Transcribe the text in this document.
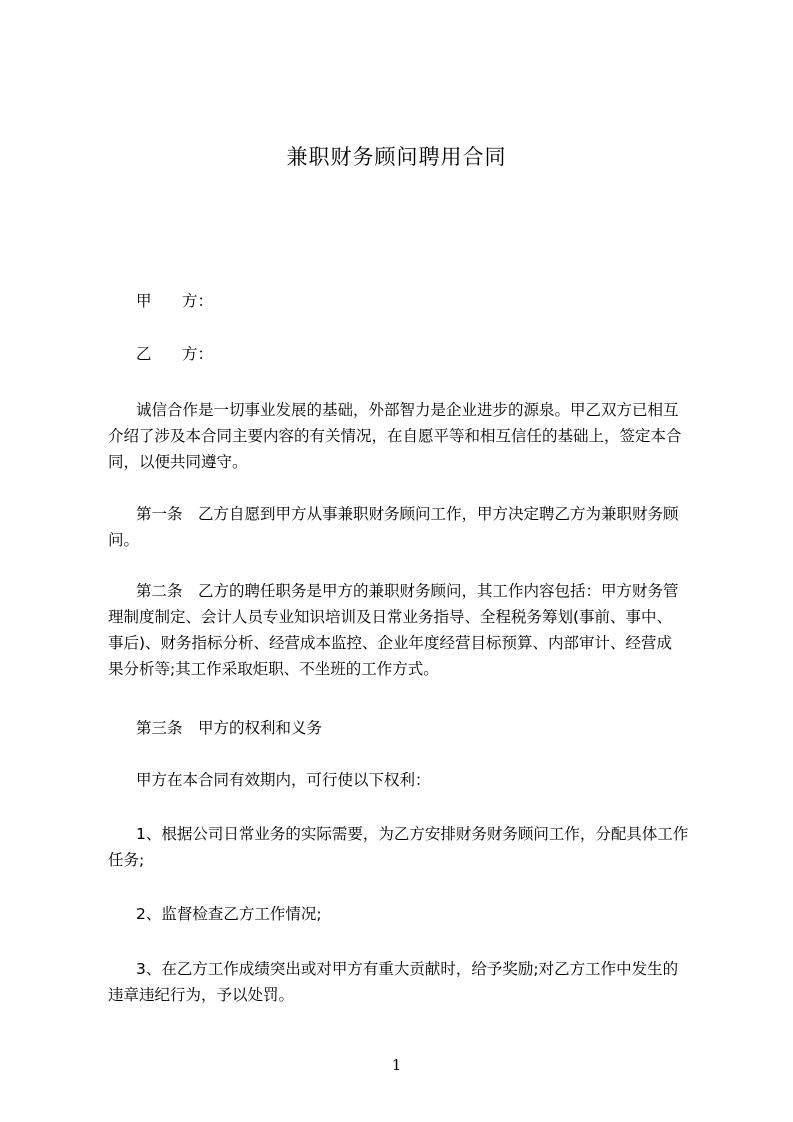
兼职财务顾问聘用合同
甲 方：
乙 方：
诚信合作是一切事业发展的基础，外部智力是企业进步的源泉。甲乙双方已相互
介绍了涉及本合同主要内容的有关情况，在自愿平等和相互信任的基础上，签定本合
同，以便共同遵守。
第一条　乙方自愿到甲方从事兼职财务顾问工作，甲方决定聘乙方为兼职财务顾
问。
第二条　乙方的聘任职务是甲方的兼职财务顾问，其工作内容包括：甲方财务管
理制度制定、会计人员专业知识培训及日常业务指导、全程税务筹划(事前、事中、
事后)、财务指标分析、经营成本监控、企业年度经营目标预算、内部审计、经营成
果分析等;其工作采取炬职、不坐班的工作方式。
第三条　甲方的权利和义务
甲方在本合同有效期内，可行使以下权利：
1、根据公司日常业务的实际需要，为乙方安排财务财务顾问工作，分配具体工作
任务;
2、监督检查乙方工作情况;
3、在乙方工作成绩突出或对甲方有重大贡献时，给予奖励;对乙方工作中发生的
违章违纪行为，予以处罚。
1
